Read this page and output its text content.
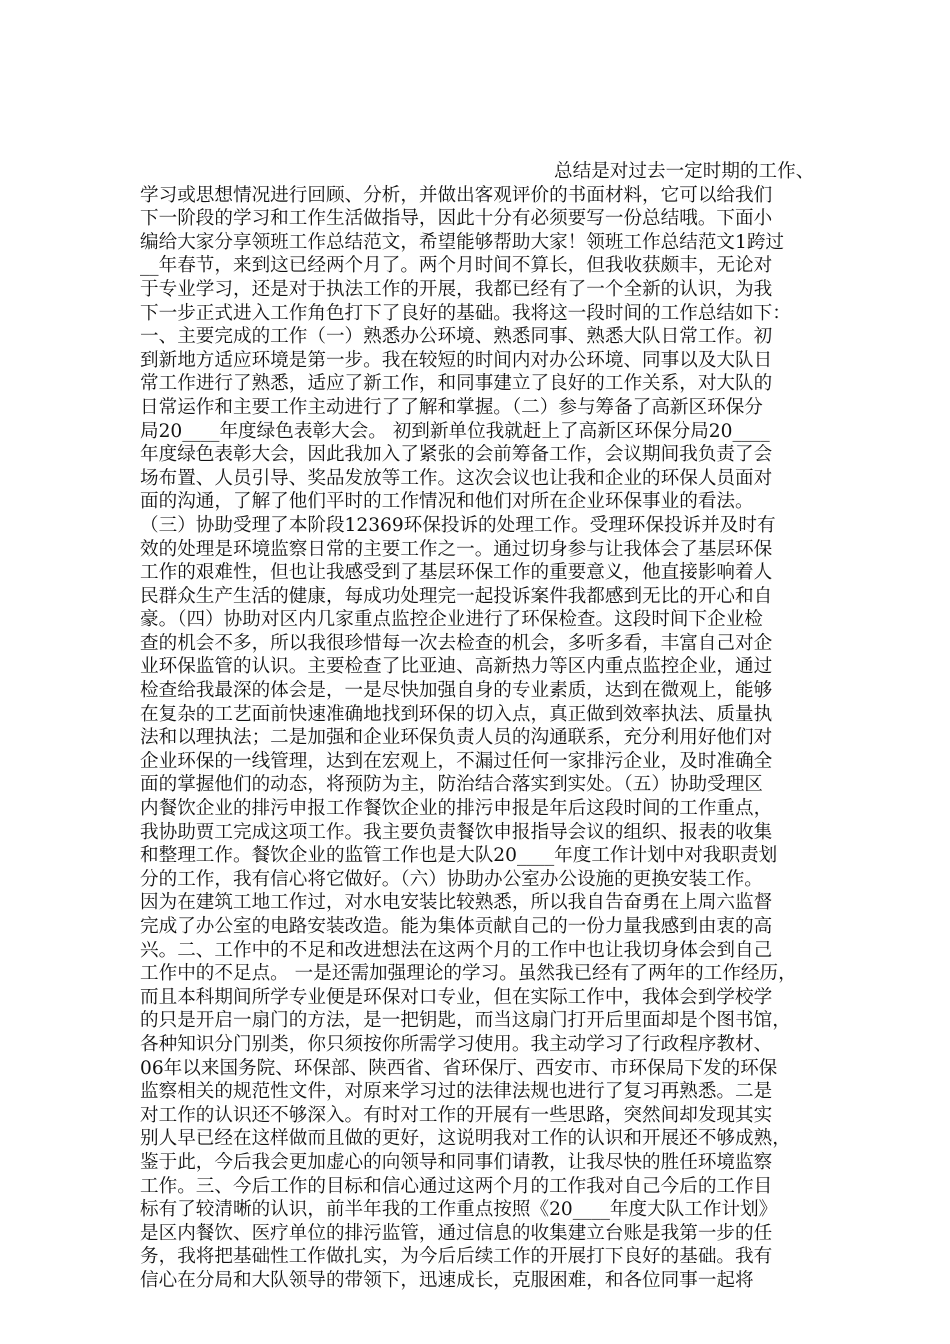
总结是对过去一定时期的工作、
学习或思想情况进行回顾、分析，并做出客观评价的书面材料，它可以给我们
下一阶段的学习和工作生活做指导，因此十分有必须要写一份总结哦。下面小
编给大家分享领班工作总结范文，希望能够帮助大家！领班工作总结范文1跨过
__年春节，来到这已经两个月了。两个月时间不算长，但我收获颇丰，无论对
于专业学习，还是对于执法工作的开展，我都已经有了一个全新的认识，为我
下一步正式进入工作角色打下了良好的基础。我将这一段时间的工作总结如下：
一、主要完成的工作（一）熟悉办公环境、熟悉同事、熟悉大队日常工作。初
到新地方适应环境是第一步。我在较短的时间内对办公环境、同事以及大队日
常工作进行了熟悉，适应了新工作，和同事建立了良好的工作关系，对大队的
日常运作和主要工作主动进行了了解和掌握。（二）参与筹备了高新区环保分
局20____年度绿色表彰大会。 初到新单位我就赶上了高新区环保分局20____
年度绿色表彰大会，因此我加入了紧张的会前筹备工作，会议期间我负责了会
场布置、人员引导、奖品发放等工作。这次会议也让我和企业的环保人员面对
面的沟通，了解了他们平时的工作情况和他们对所在企业环保事业的看法。
（三）协助受理了本阶段12369环保投诉的处理工作。受理环保投诉并及时有
效的处理是环境监察日常的主要工作之一。通过切身参与让我体会了基层环保
工作的艰难性，但也让我感受到了基层环保工作的重要意义，他直接影响着人
民群众生产生活的健康，每成功处理完一起投诉案件我都感到无比的开心和自
豪。（四）协助对区内几家重点监控企业进行了环保检查。这段时间下企业检
查的机会不多，所以我很珍惜每一次去检查的机会，多听多看，丰富自己对企
业环保监管的认识。主要检查了比亚迪、高新热力等区内重点监控企业，通过
检查给我最深的体会是，一是尽快加强自身的专业素质，达到在微观上，能够
在复杂的工艺面前快速准确地找到环保的切入点，真正做到效率执法、质量执
法和以理执法；二是加强和企业环保负责人员的沟通联系，充分利用好他们对
企业环保的一线管理，达到在宏观上，不漏过任何一家排污企业，及时准确全
面的掌握他们的动态，将预防为主，防治结合落实到实处。（五）协助受理区
内餐饮企业的排污申报工作餐饮企业的排污申报是年后这段时间的工作重点，
我协助贾工完成这项工作。我主要负责餐饮申报指导会议的组织、报表的收集
和整理工作。餐饮企业的监管工作也是大队20____年度工作计划中对我职责划
分的工作，我有信心将它做好。（六）协助办公室办公设施的更换安装工作。
因为在建筑工地工作过，对水电安装比较熟悉，所以我自告奋勇在上周六监督
完成了办公室的电路安装改造。能为集体贡献自己的一份力量我感到由衷的高
兴。二、工作中的不足和改进想法在这两个月的工作中也让我切身体会到自己
工作中的不足点。 一是还需加强理论的学习。虽然我已经有了两年的工作经历，
而且本科期间所学专业便是环保对口专业，但在实际工作中，我体会到学校学
的只是开启一扇门的方法，是一把钥匙，而当这扇门打开后里面却是个图书馆，
各种知识分门别类，你只须按你所需学习使用。我主动学习了行政程序教材、
06年以来国务院、环保部、陕西省、省环保厅、西安市、市环保局下发的环保
监察相关的规范性文件，对原来学习过的法律法规也进行了复习再熟悉。二是
对工作的认识还不够深入。有时对工作的开展有一些思路，突然间却发现其实
别人早已经在这样做而且做的更好，这说明我对工作的认识和开展还不够成熟，
鉴于此，今后我会更加虚心的向领导和同事们请教，让我尽快的胜任环境监察
工作。三、今后工作的目标和信心通过这两个月的工作我对自己今后的工作目
标有了较清晰的认识，前半年我的工作重点按照《20____年度大队工作计划》
是区内餐饮、医疗单位的排污监管，通过信息的收集建立台账是我第一步的任
务，我将把基础性工作做扎实，为今后后续工作的开展打下良好的基础。我有
信心在分局和大队领导的带领下，迅速成长，克服困难，和各位同事一起将
